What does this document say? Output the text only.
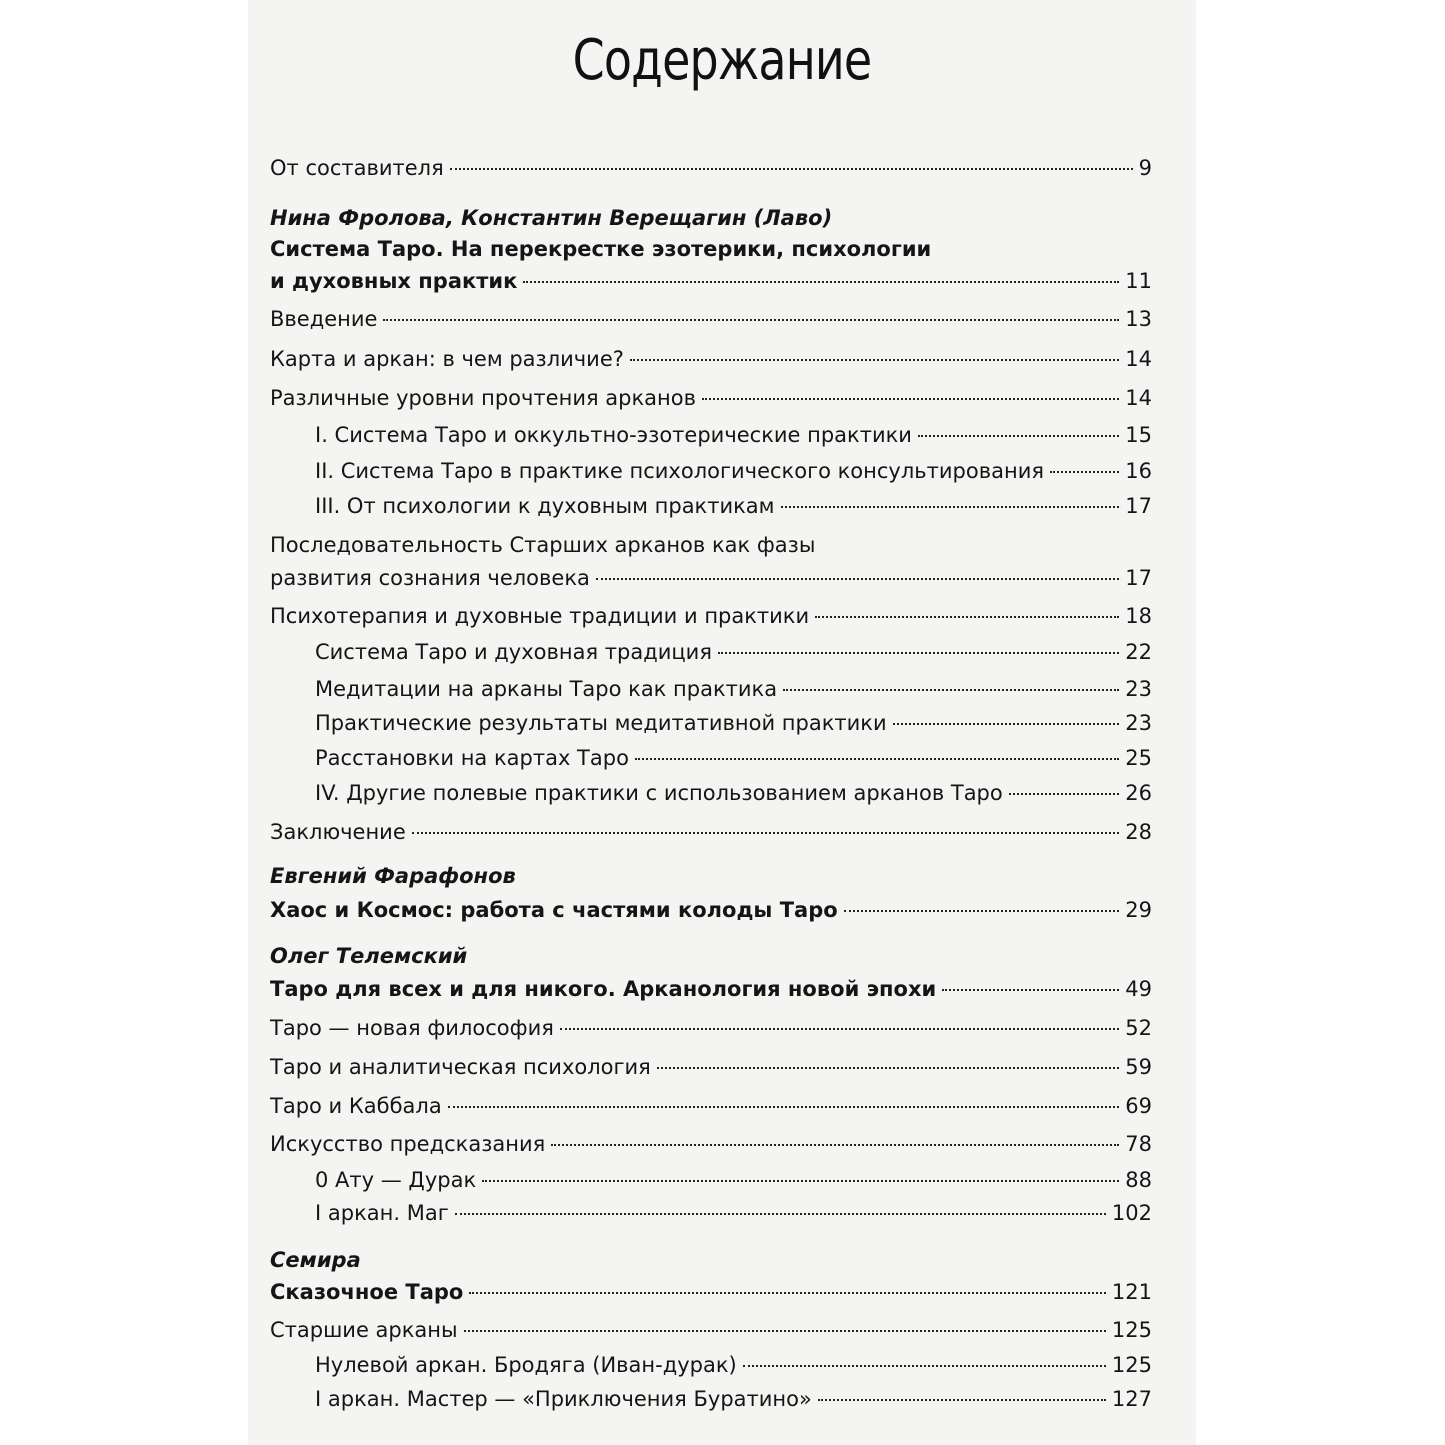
Содержание
От составителя	9
Нина Фролова, Константин Верещагин (Лаво)
Система Таро. На перекрестке эзотерики, психологии
и духовных практик	11
Введение	13
Карта и аркан: в чем различие?	14
Различные уровни прочтения арканов	14
I. Система Таро и оккультно-эзотерические практики	15
II. Система Таро в практике психологического консультирования	16
III. От психологии к духовным практикам	17
Последовательность Старших арканов как фазы
развития сознания человека	17
Психотерапия и духовные традиции и практики	18
Система Таро и духовная традиция	22
Медитации на арканы Таро как практика	23
Практические результаты медитативной практики	23
Расстановки на картах Таро	25
IV. Другие полевые практики с использованием арканов Таро	26
Заключение	28
Евгений Фарафонов
Хаос и Космос: работа с частями колоды Таро	29
Олег Телемский
Таро для всех и для никого. Арканология новой эпохи	49
Таро — новая философия	52
Таро и аналитическая психология	59
Таро и Каббала	69
Искусство предсказания	78
0 Ату — Дурак	88
I аркан. Маг	102
Семира
Сказочное Таро	121
Старшие арканы	125
Нулевой аркан. Бродяга (Иван-дурак)	125
I аркан. Мастер — «Приключения Буратино»	127
